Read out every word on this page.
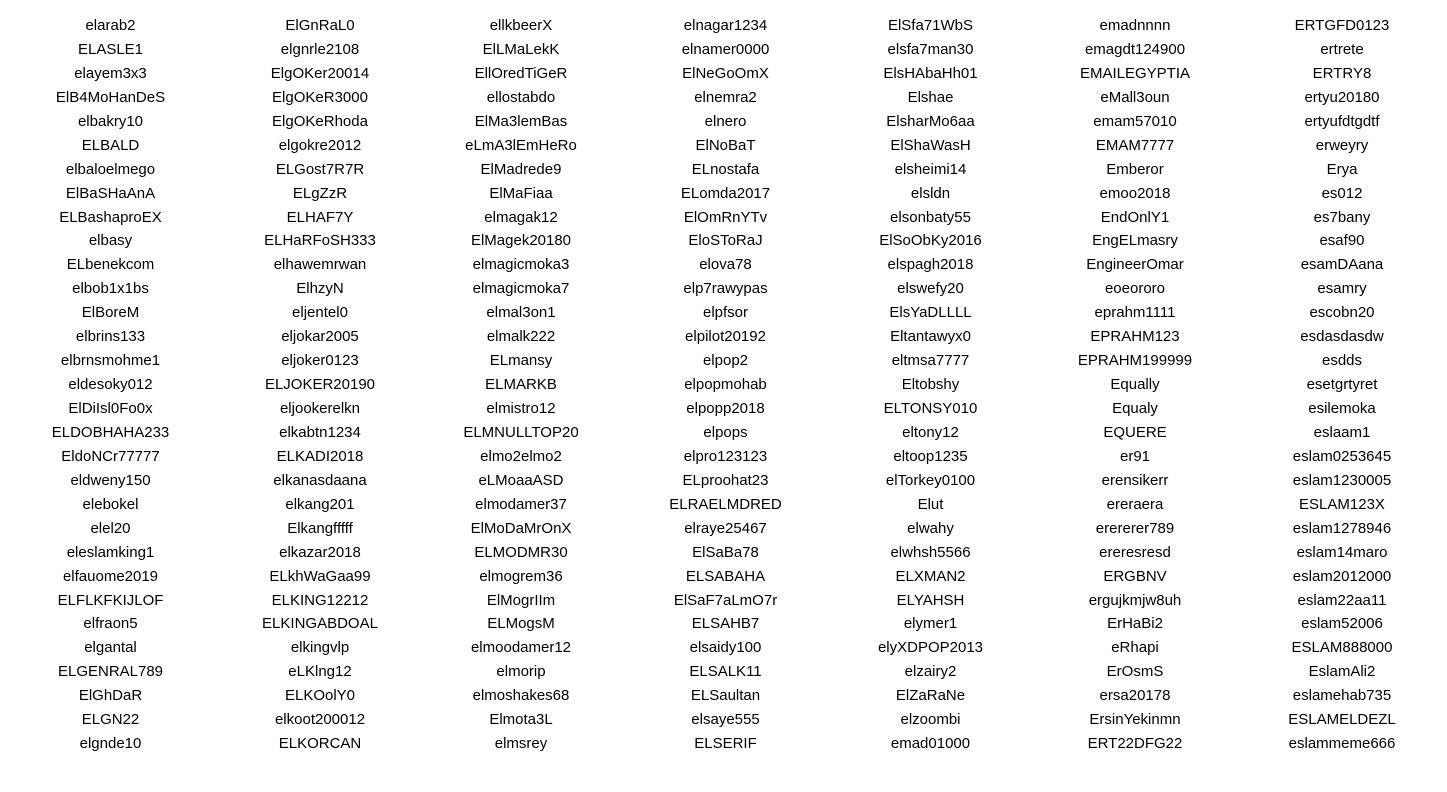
elarab2	ElGnRaL0	ellkbeerX	elnagar1234	ElSfa71WbS	emadnnnn	ERTGFD0123
ELASLE1	elgnrle2108	ElLMaLekK	elnamer0000	elsfa7man30	emagdt124900	ertrete
elayem3x3	ElgOKer20014	EllOredTiGeR	ElNeGoOmX	ElsHAbaHh01	EMAILEGYPTIA	ERTRY8
ElB4MoHanDeS	ElgOKeR3000	ellostabdo	elnemra2	Elshae	eMall3oun	ertyu20180
elbakry10	ElgOKeRhoda	ElMa3lemBas	elnero	ElsharMo6aa	emam57010	ertyufdtgdtf
ELBALD	elgokre2012	eLmA3lEmHeRo	ElNoBaT	ElShaWasH	EMAM7777	erweyry
elbaloelmego	ELGost7R7R	ElMadrede9	ELnostafa	elsheimi14	Emberor	Erya
ElBaSHaAnA	ELgZzR	ElMaFiaa	ELomda2017	elsldn	emoo2018	es012
ELBashaproEX	ELHAF7Y	elmagak12	ElOmRnYTv	elsonbaty55	EndOnlY1	es7bany
elbasy	ELHaRFoSH333	ElMagek20180	EloSToRaJ	ElSoObKy2016	EngELmasry	esaf90
ELbenekcom	elhawemrwan	elmagicmoka3	elova78	elspagh2018	EngineerOmar	esamDAana
elbob1x1bs	ElhzyN	elmagicmoka7	elp7rawypas	elswefy20	eoeororo	esamry
ElBoreM	eljentel0	elmal3on1	elpfsor	ElsYaDLLLL	eprahm1111	escobn20
elbrins133	eljokar2005	elmalk222	elpilot20192	Eltantawyx0	EPRAHM123	esdasdasdw
elbrnsmohme1	eljoker0123	ELmansy	elpop2	eltmsa7777	EPRAHM199999	esdds
eldesoky012	ELJOKER20190	ELMARKB	elpopmohab	Eltobshy	Equally	esetgrtyret
ElDiIsl0Fo0x	eljookerelkn	elmistro12	elpopp2018	ELTONSY010	Equaly	esilemoka
ELDOBHAHA233	elkabtn1234	ELMNULLTOP20	elpops	eltony12	EQUERE	eslaam1
EldoNCr77777	ELKADI2018	elmo2elmo2	elpro123123	eltoop1235	er91	eslam0253645
eldweny150	elkanasdaana	eLMoaaASD	ELproohat23	elTorkey0100	erensikerr	eslam1230005
elebokel	elkang201	elmodamer37	ELRAELMDRED	Elut	ereraera	ESLAM123X
elel20	Elkangfffff	ElMoDaMrOnX	elraye25467	elwahy	erererer789	eslam1278946
eleslamking1	elkazar2018	ELMODMR30	ElSaBa78	elwhsh5566	ereresresd	eslam14maro
elfauome2019	ELkhWaGaa99	elmogrem36	ELSABAHA	ELXMAN2	ERGBNV	eslam2012000
ELFLKFKIJLOF	ELKING12212	ElMogrIIm	ElSaF7aLmO7r	ELYAHSH	ergujkmjw8uh	eslam22aa11
elfraon5	ELKINGABDOAL	ELMogsM	ELSAHB7	elymer1	ErHaBi2	eslam52006
elgantal	elkingvlp	elmoodamer12	elsaidy100	elyXDPOP2013	eRhapi	ESLAM888000
ELGENRAL789	eLKlng12	elmorip	ELSALK11	elzairy2	ErOsmS	EslamAli2
ElGhDaR	ELKOolY0	elmoshakes68	ELSaultan	ElZaRaNe	ersa20178	eslamehab735
ELGN22	elkoot200012	Elmota3L	elsaye555	elzoombi	ErsinYekinmn	ESLAMELDEZL
elgnde10	ELKORCAN	elmsrey	ELSERIF	emad01000	ERT22DFG22	eslammeme666
